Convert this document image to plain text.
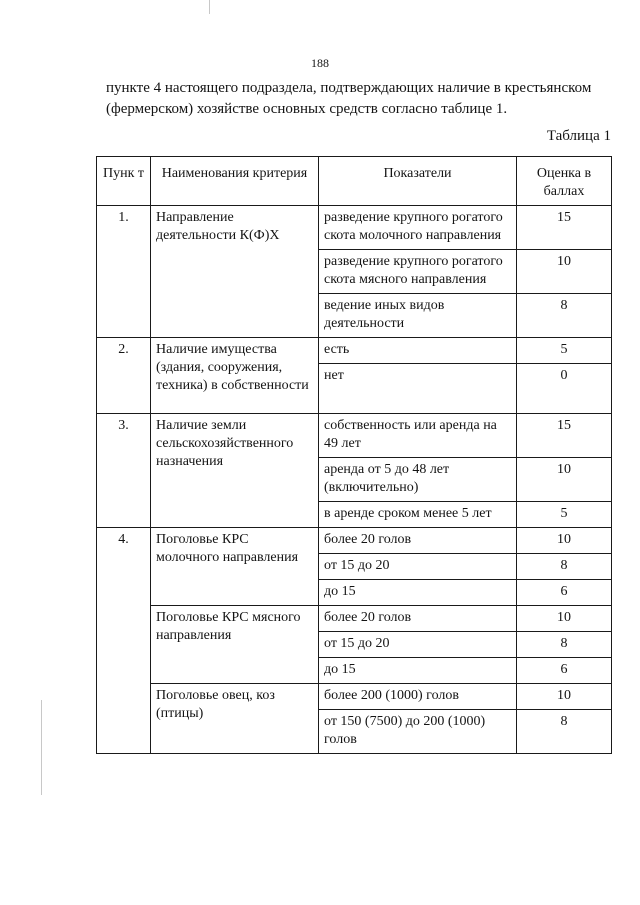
188

пункте 4 настоящего подраздела, подтверждающих наличие в крестьянском (фермерском) хозяйстве основных средств согласно таблице 1.

Таблица 1
Пунк т	Наименования критерия	Показатели	Оценка в баллах
1.	Направление деятельности К(Ф)Х	разведение крупного рогатого скота молочного направления	15
		разведение крупного рогатого скота мясного направления	10
		ведение иных видов деятельности	8
2.	Наличие имущества (здания, сооружения, техника) в собственности	есть	5
		нет	0
3.	Наличие земли сельскохозяйственного назначения	собственность или аренда на 49 лет	15
		аренда от 5 до 48 лет (включительно)	10
		в аренде сроком менее 5 лет	5
4.	Поголовье КРС молочного направления	более 20 голов	10
		от 15 до 20	8
		до 15	6
	Поголовье КРС мясного направления	более 20 голов	10
		от 15 до 20	8
		до 15	6
	Поголовье овец, коз (птицы)	более 200 (1000) голов	10
		от 150 (7500) до 200 (1000) голов	8
